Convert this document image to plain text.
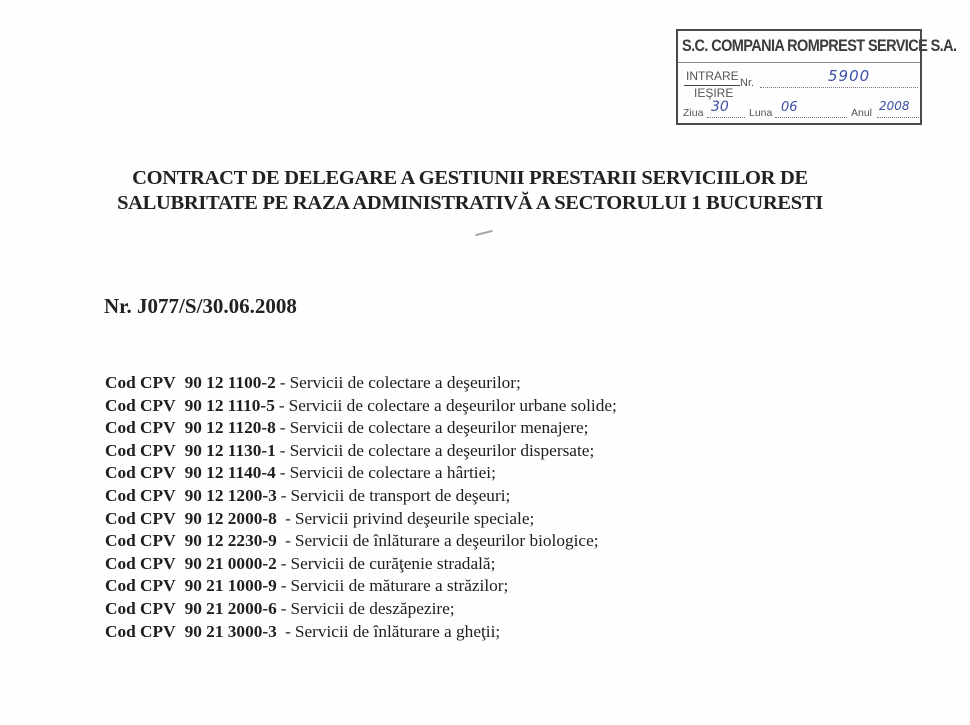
S.C. COMPANIA ROMPREST SERVICE S.A.
INTRARE
IEŞIRE
Nr.	5900
Ziua 30 Luna 06	Anul 2008
CONTRACT DE DELEGARE A GESTIUNII PRESTARII SERVICIILOR DE
SALUBRITATE PE RAZA ADMINISTRATIVĂ A SECTORULUI 1 BUCURESTI
Nr. J077/S/30.06.2008
Cod CPV 90 12 1100-2 - Servicii de colectare a deşeurilor;
Cod CPV 90 12 1110-5 - Servicii de colectare a deşeurilor urbane solide;
Cod CPV 90 12 1120-8 - Servicii de colectare a deşeurilor menajere;
Cod CPV 90 12 1130-1 - Servicii de colectare a deşeurilor dispersate;
Cod CPV 90 12 1140-4 - Servicii de colectare a hârtiei;
Cod CPV 90 12 1200-3 - Servicii de transport de deşeuri;
Cod CPV 90 12 2000-8 - Servicii privind deşeurile speciale;
Cod CPV 90 12 2230-9 - Servicii de înlăturare a deşeurilor biologice;
Cod CPV 90 21 0000-2 - Servicii de curăţenie stradală;
Cod CPV 90 21 1000-9 - Servicii de măturare a străzilor;
Cod CPV 90 21 2000-6 - Servicii de deszăpezire;
Cod CPV 90 21 3000-3 - Servicii de înlăturare a gheţii;
